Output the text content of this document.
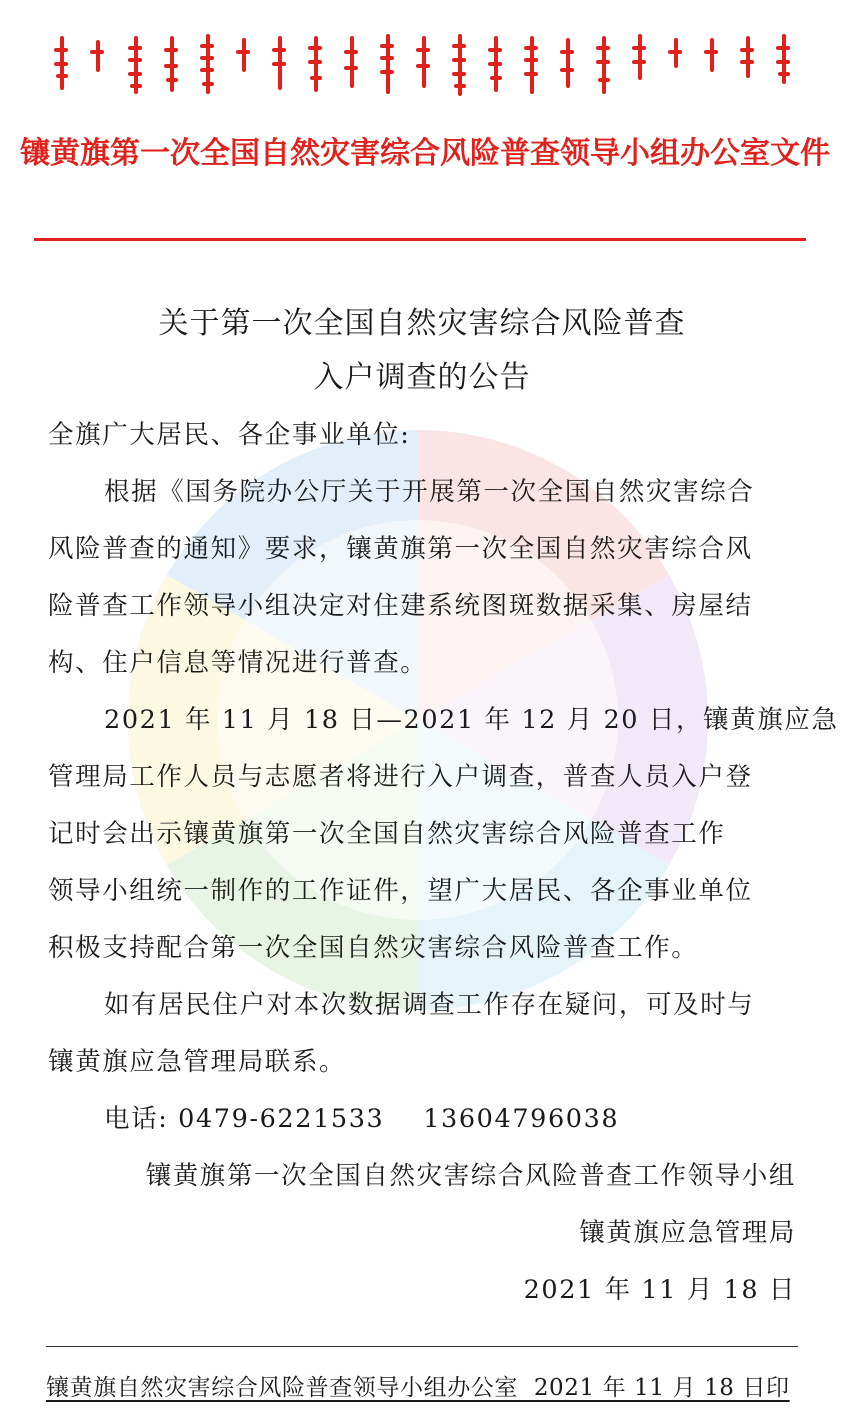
镶黄旗第一次全国自然灾害综合风险普查领导小组办公室文件
关于第一次全国自然灾害综合风险普查
入户调查的公告
全旗广大居民、各企事业单位:
根据《国务院办公厅关于开展第一次全国自然灾害综合
风险普查的通知》要求，镶黄旗第一次全国自然灾害综合风
险普查工作领导小组决定对住建系统图斑数据采集、房屋结
构、住户信息等情况进行普查。
2021 年 11 月 18 日—2021 年 12 月 20 日，镶黄旗应急
管理局工作人员与志愿者将进行入户调查，普查人员入户登
记时会出示镶黄旗第一次全国自然灾害综合风险普查工作
领导小组统一制作的工作证件，望广大居民、各企事业单位
积极支持配合第一次全国自然灾害综合风险普查工作。
如有居民住户对本次数据调查工作存在疑问，可及时与
镶黄旗应急管理局联系。
电话: 0479-6221533    13604796038
镶黄旗第一次全国自然灾害综合风险普查工作领导小组
镶黄旗应急管理局
2021 年 11 月 18 日
镶黄旗自然灾害综合风险普查领导小组办公室  2021 年 11 月 18 日印
